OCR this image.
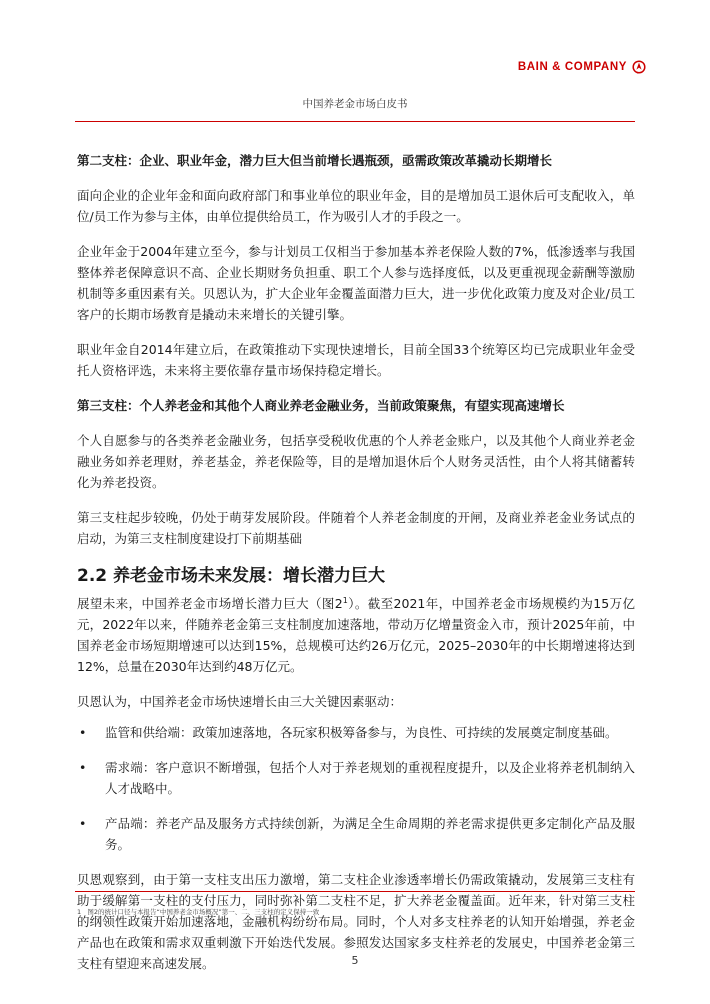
BAIN & COMPANY
中国养老金市场白皮书

第二支柱：企业、职业年金，潜力巨大但当前增长遇瓶颈，亟需政策改革撬动长期增长

面向企业的企业年金和面向政府部门和事业单位的职业年金，目的是增加员工退休后可支配收入，单位/员工作为参与主体，由单位提供给员工，作为吸引人才的手段之一。

企业年金于2004年建立至今，参与计划员工仅相当于参加基本养老保险人数的7%，低渗透率与我国整体养老保障意识不高、企业长期财务负担重、职工个人参与选择度低，以及更重视现金薪酬等激励机制等多重因素有关。贝恩认为，扩大企业年金覆盖面潜力巨大，进一步优化政策力度及对企业/员工客户的长期市场教育是撬动未来增长的关键引擎。

职业年金自2014年建立后，在政策推动下实现快速增长，目前全国33个统筹区均已完成职业年金受托人资格评选，未来将主要依靠存量市场保持稳定增长。

第三支柱：个人养老金和其他个人商业养老金融业务，当前政策聚焦，有望实现高速增长

个人自愿参与的各类养老金融业务，包括享受税收优惠的个人养老金账户，以及其他个人商业养老金融业务如养老理财，养老基金，养老保险等，目的是增加退休后个人财务灵活性，由个人将其储蓄转化为养老投资。

第三支柱起步较晚，仍处于萌芽发展阶段。伴随着个人养老金制度的开闸，及商业养老金业务试点的启动，为第三支柱制度建设打下前期基础

2.2 养老金市场未来发展：增长潜力巨大

展望未来，中国养老金市场增长潜力巨大（图$2^1$）。截至2021年，中国养老金市场规模约为15万亿元，2022年以来，伴随养老金第三支柱制度加速落地，带动万亿增量资金入市，预计2025年前，中国养老金市场短期增速可以达到15%，总规模可达约26万亿元，2025–2030年的中长期增速将达到12%，总量在2030年达到约48万亿元。

贝恩认为，中国养老金市场快速增长由三大关键因素驱动：

• 监管和供给端：政策加速落地，各玩家积极筹备参与，为良性、可持续的发展奠定制度基础。
• 需求端：客户意识不断增强，包括个人对于养老规划的重视程度提升，以及企业将养老机制纳入人才战略中。
• 产品端：养老产品及服务方式持续创新，为满足全生命周期的养老需求提供更多定制化产品及服务。

贝恩观察到，由于第一支柱支出压力激增，第二支柱企业渗透率增长仍需政策撬动，发展第三支柱有助于缓解第一支柱的支付压力，同时弥补第二支柱不足，扩大养老金覆盖面。近年来，针对第三支柱的纲领性政策开始加速落地，金融机构纷纷布局。同时，个人对多支柱养老的认知开始增强，养老金产品也在政策和需求双重刺激下开始迭代发展。参照发达国家多支柱养老的发展史，中国养老金第三支柱有望迎来高速发展。

1 图2的统计口径与本报告“中国养老金市场概况”第一、二、三支柱的定义保持一致
5
